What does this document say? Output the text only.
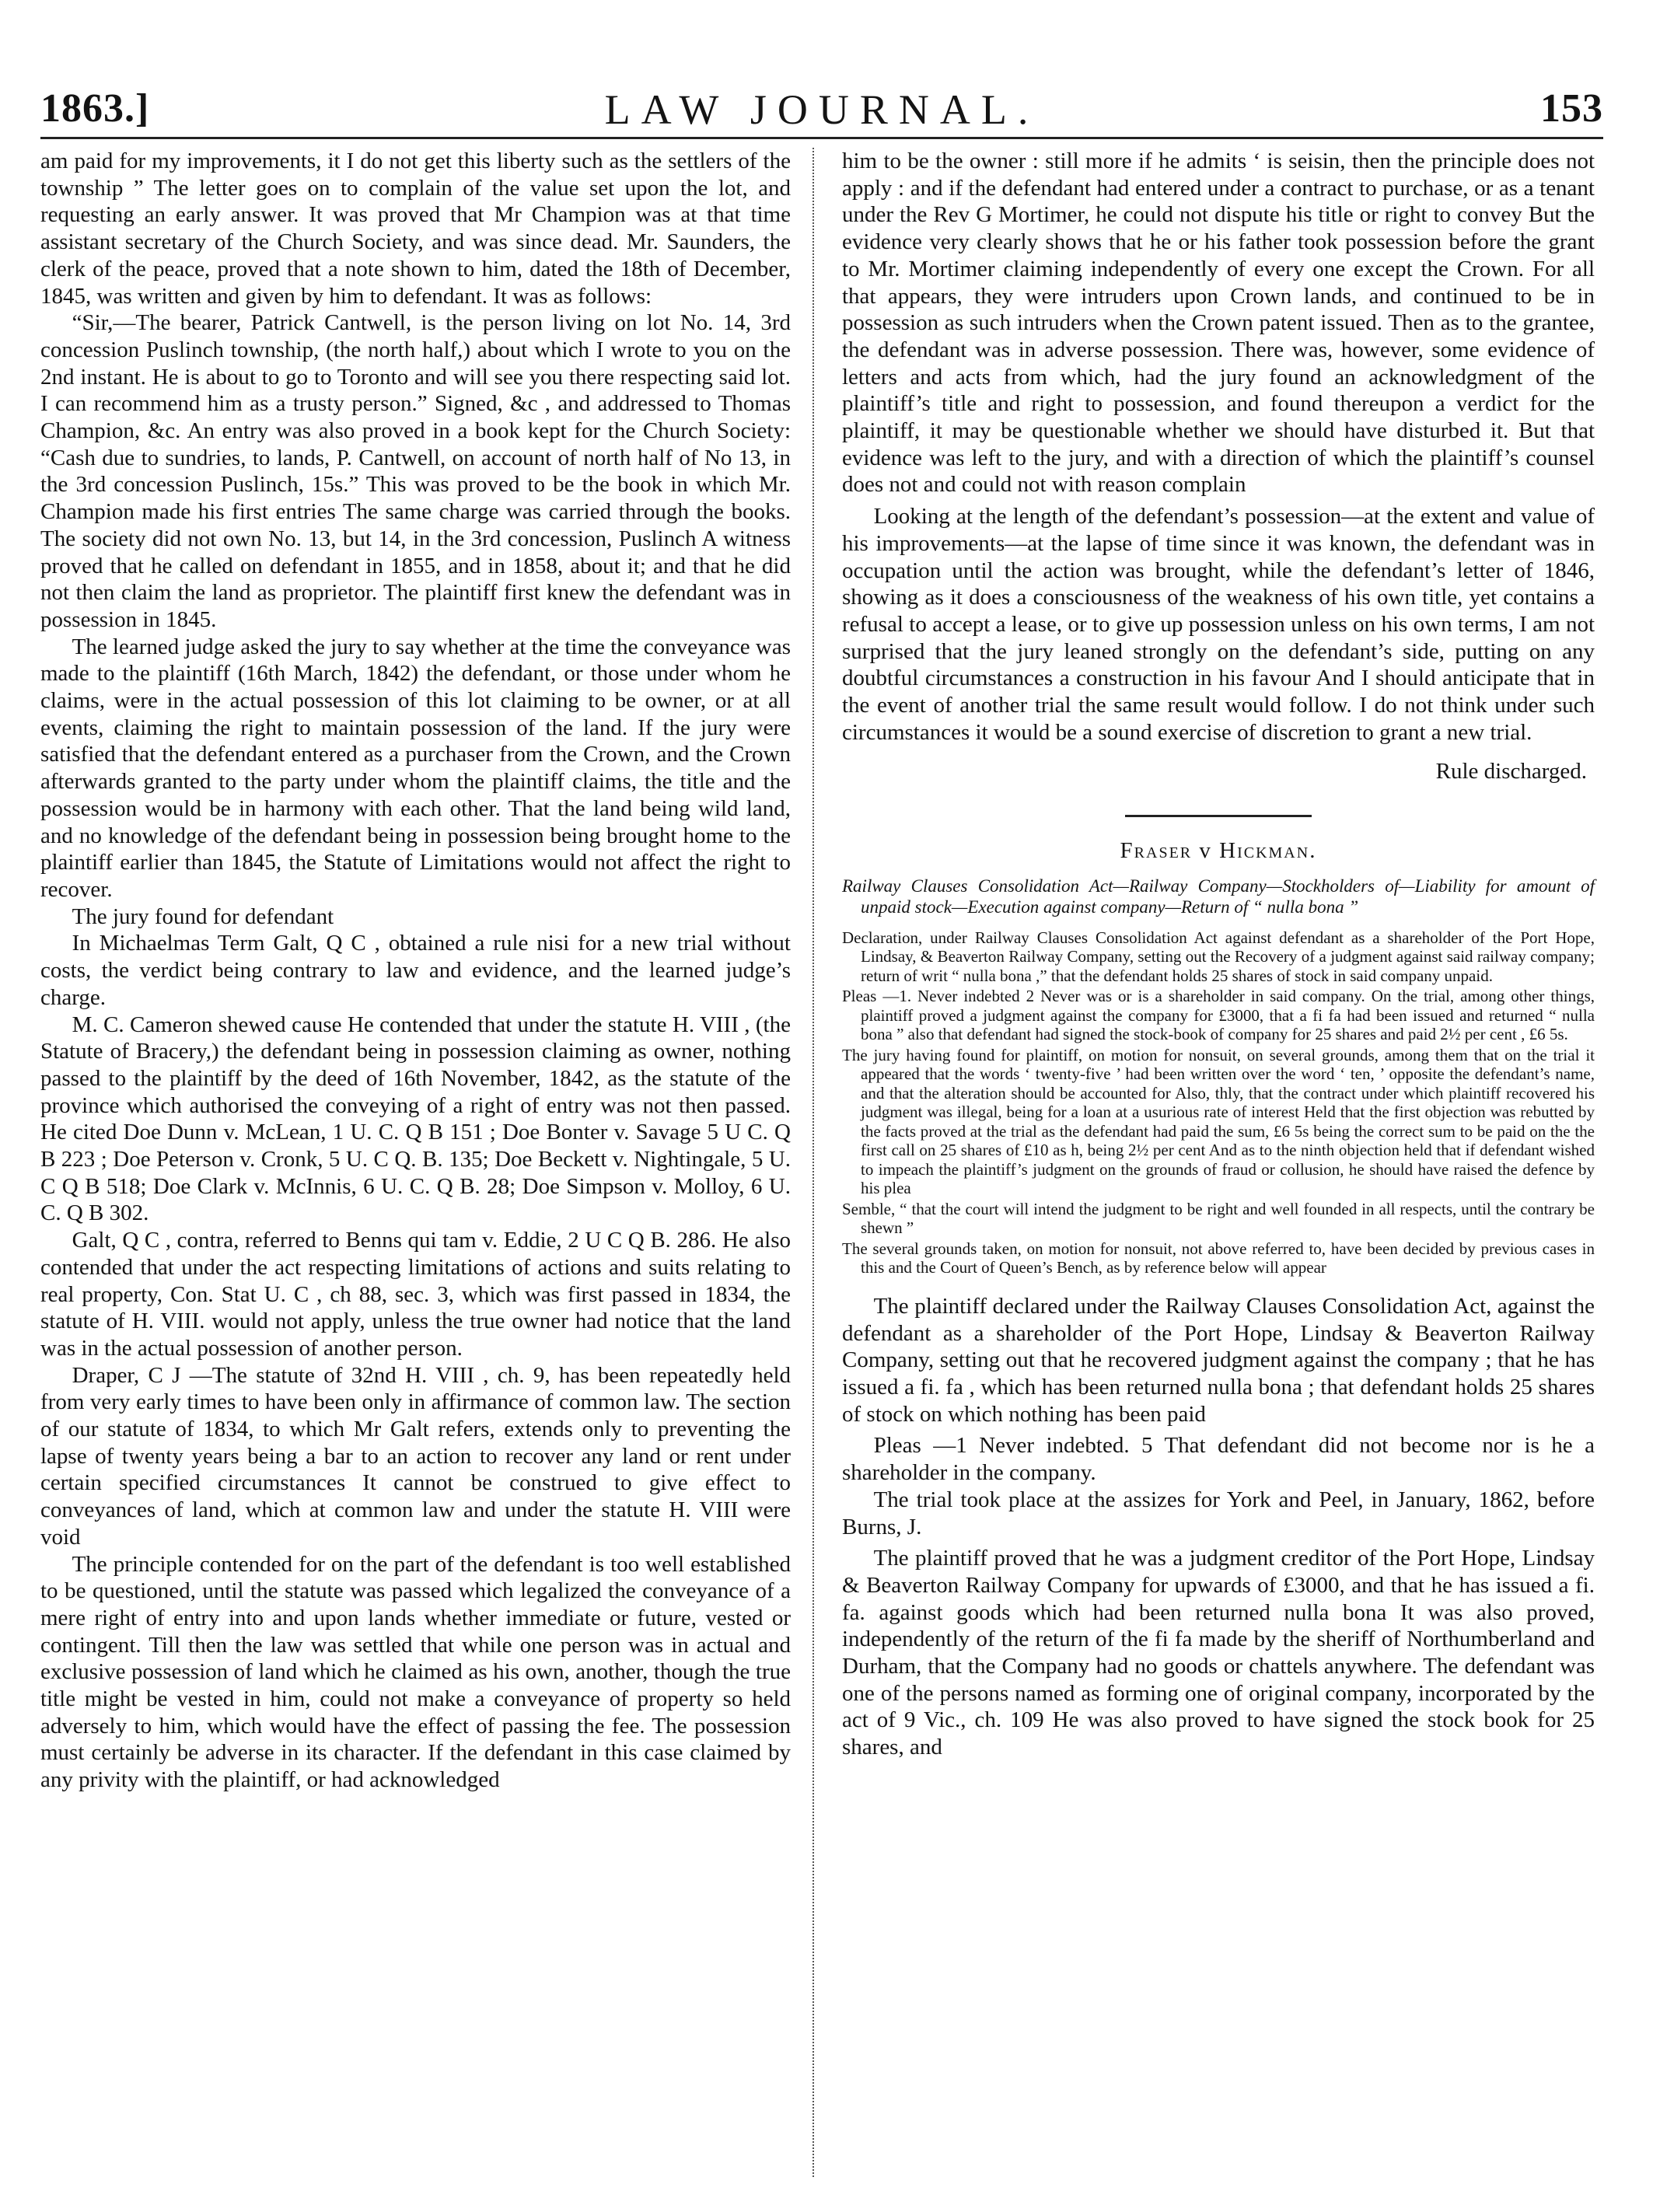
1863.]	LAW JOURNAL.	153

am paid for my improvements, it I do not get this liberty such as the settlers of the township ” The letter goes on to complain of the value set upon the lot, and requesting an early answer. It was proved that Mr Champion was at that time assistant secretary of the Church Society, and was since dead. Mr. Saunders, the clerk of the peace, proved that a note shown to him, dated the 18th of December, 1845, was written and given by him to defendant. It was as follows:

“Sir,—The bearer, Patrick Cantwell, is the person living on lot No. 14, 3rd concession Puslinch township, (the north half,) about which I wrote to you on the 2nd instant. He is about to go to Toronto and will see you there respecting said lot. I can recommend him as a trusty person.” Signed, &c , and addressed to Thomas Champion, &c. An entry was also proved in a book kept for the Church Society: “Cash due to sundries, to lands, P. Cantwell, on account of north half of No 13, in the 3rd concession Puslinch, 15s.” This was proved to be the book in which Mr. Champion made his first entries The same charge was carried through the books. The society did not own No. 13, but 14, in the 3rd concession, Puslinch A witness proved that he called on defendant in 1855, and in 1858, about it; and that he did not then claim the land as proprietor. The plaintiff first knew the defendant was in possession in 1845.

The learned judge asked the jury to say whether at the time the conveyance was made to the plaintiff (16th March, 1842) the defendant, or those under whom he claims, were in the actual possession of this lot claiming to be owner, or at all events, claiming the right to maintain possession of the land. If the jury were satisfied that the defendant entered as a purchaser from the Crown, and the Crown afterwards granted to the party under whom the plaintiff claims, the title and the possession would be in harmony with each other. That the land being wild land, and no knowledge of the defendant being in possession being brought home to the plaintiff earlier than 1845, the Statute of Limitations would not affect the right to recover.

The jury found for defendant

In Michaelmas Term Galt, Q C , obtained a rule nisi for a new trial without costs, the verdict being contrary to law and evidence, and the learned judge’s charge.

M. C. Cameron shewed cause He contended that under the statute H. VIII , (the Statute of Bracery,) the defendant being in possession claiming as owner, nothing passed to the plaintiff by the deed of 16th November, 1842, as the statute of the province which authorised the conveying of a right of entry was not then passed. He cited Doe Dunn v. McLean, 1 U. C. Q B 151 ; Doe Bonter v. Savage 5 U C. Q B 223 ; Doe Peterson v. Cronk, 5 U. C Q. B. 135; Doe Beckett v. Nightingale, 5 U. C Q B 518; Doe Clark v. McInnis, 6 U. C. Q B. 28; Doe Simpson v. Molloy, 6 U. C. Q B 302.

Galt, Q C , contra, referred to Benns qui tam v. Eddie, 2 U C Q B. 286. He also contended that under the act respecting limitations of actions and suits relating to real property, Con. Stat U. C , ch 88, sec. 3, which was first passed in 1834, the statute of H. VIII. would not apply, unless the true owner had notice that the land was in the actual possession of another person.

Draper, C J —The statute of 32nd H. VIII , ch. 9, has been repeatedly held from very early times to have been only in affirmance of common law. The section of our statute of 1834, to which Mr Galt refers, extends only to preventing the lapse of twenty years being a bar to an action to recover any land or rent under certain specified circumstances It cannot be construed to give effect to conveyances of land, which at common law and under the statute H. VIII were void

The principle contended for on the part of the defendant is too well established to be questioned, until the statute was passed which legalized the conveyance of a mere right of entry into and upon lands whether immediate or future, vested or contingent. Till then the law was settled that while one person was in actual and exclusive possession of land which he claimed as his own, another, though the true title might be vested in him, could not make a conveyance of property so held adversely to him, which would have the effect of passing the fee. The possession must certainly be adverse in its character. If the defendant in this case claimed by any privity with the plaintiff, or had acknowledged

him to be the owner : still more if he admits ‘ is seisin, then the principle does not apply : and if the defendant had entered under a contract to purchase, or as a tenant under the Rev G Mortimer, he could not dispute his title or right to convey But the evidence very clearly shows that he or his father took possession before the grant to Mr. Mortimer claiming independently of every one except the Crown. For all that appears, they were intruders upon Crown lands, and continued to be in possession as such intruders when the Crown patent issued. Then as to the grantee, the defendant was in adverse possession. There was, however, some evidence of letters and acts from which, had the jury found an acknowledgment of the plaintiff’s title and right to possession, and found thereupon a verdict for the plaintiff, it may be questionable whether we should have disturbed it. But that evidence was left to the jury, and with a direction of which the plaintiff’s counsel does not and could not with reason complain

Looking at the length of the defendant’s possession—at the extent and value of his improvements—at the lapse of time since it was known, the defendant was in occupation until the action was brought, while the defendant’s letter of 1846, showing as it does a consciousness of the weakness of his own title, yet contains a refusal to accept a lease, or to give up possession unless on his own terms, I am not surprised that the jury leaned strongly on the defendant’s side, putting on any doubtful circumstances a construction in his favour And I should anticipate that in the event of another trial the same result would follow. I do not think under such circumstances it would be a sound exercise of discretion to grant a new trial.

Rule discharged.

Fraser v Hickman.
Railway Clauses Consolidation Act—Railway Company—Stockholders of—Liability for amount of unpaid stock—Execution against company—Return of “ nulla bona ”

Declaration, under Railway Clauses Consolidation Act against defendant as a shareholder of the Port Hope, Lindsay, & Beaverton Railway Company, setting out the Recovery of a judgment against said railway company; return of writ “ nulla bona ,” that the defendant holds 25 shares of stock in said company unpaid.

Pleas —1. Never indebted 2 Never was or is a shareholder in said company. On the trial, among other things, plaintiff proved a judgment against the company for £3000, that a fi fa had been issued and returned “ nulla bona ” also that defendant had signed the stock-book of company for 25 shares and paid 2½ per cent , £6 5s.

The jury having found for plaintiff, on motion for nonsuit, on several grounds, among them that on the trial it appeared that the words ‘ twenty-five ’ had been written over the word ‘ ten, ’ opposite the defendant’s name, and that the alteration should be accounted for Also, thly, that the contract under which plaintiff recovered his judgment was illegal, being for a loan at a usurious rate of interest Held that the first objection was rebutted by the facts proved at the trial as the defendant had paid the sum, £6 5s being the correct sum to be paid on the the first call on 25 shares of £10 as h, being 2½ per cent And as to the ninth objection held that if defendant wished to impeach the plaintiff’s judgment on the grounds of fraud or collusion, he should have raised the defence by his plea

Semble, “ that the court will intend the judgment to be right and well founded in all respects, until the contrary be shewn ”

The several grounds taken, on motion for nonsuit, not above referred to, have been decided by previous cases in this and the Court of Queen’s Bench, as by reference below will appear

The plaintiff declared under the Railway Clauses Consolidation Act, against the defendant as a shareholder of the Port Hope, Lindsay & Beaverton Railway Company, setting out that he recovered judgment against the company ; that he has issued a fi. fa , which has been returned nulla bona ; that defendant holds 25 shares of stock on which nothing has been paid

Pleas —1 Never indebted. 5 That defendant did not become nor is he a shareholder in the company.

The trial took place at the assizes for York and Peel, in January, 1862, before Burns, J.

The plaintiff proved that he was a judgment creditor of the Port Hope, Lindsay & Beaverton Railway Company for upwards of £3000, and that he has issued a fi. fa. against goods which had been returned nulla bona It was also proved, independently of the return of the fi fa made by the sheriff of Northumberland and Durham, that the Company had no goods or chattels anywhere. The defendant was one of the persons named as forming one of original company, incorporated by the act of 9 Vic., ch. 109 He was also proved to have signed the stock book for 25 shares, and
